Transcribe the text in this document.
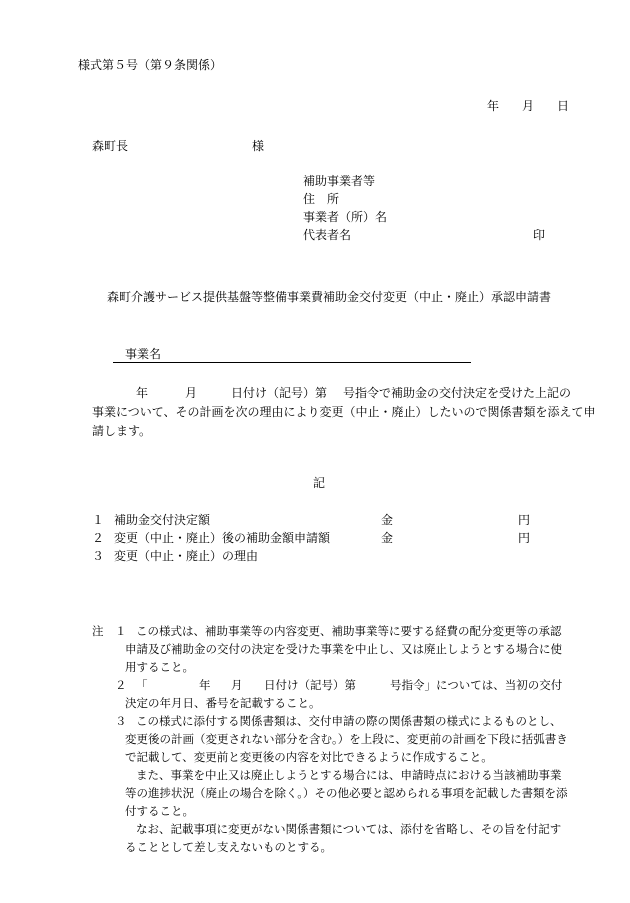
様式第５号（第９条関係）
年 月 日
森町長	様
補助事業者等
住　所
事業者（所）名
代表者名	印
森町介護サービス提供基盤等整備事業費補助金交付変更（中止・廃止）承認申請書
事業名
年	月	日付け（記号）第 号指令で補助金の交付決定を受けた上記の
事業について、その計画を次の理由により変更（中止・廃止）したいので関係書類を添えて申
請します。
記
１ 補助金交付決定額	金	円
２ 変更（中止・廃止）後の補助金額申請額	金	円
３ 変更（中止・廃止）の理由
注 １ この様式は、補助事業等の内容変更、補助事業等に要する経費の配分変更等の承認
申請及び補助金の交付の決定を受けた事業を中止し、又は廃止しようとする場合に使
用すること。
２ 「	年 月 日付け（記号）第	号指令」については、当初の交付
決定の年月日、番号を記載すること。
３ この様式に添付する関係書類は、交付申請の際の関係書類の様式によるものとし、
変更後の計画（変更されない部分を含む。）を上段に、変更前の計画を下段に括弧書き
で記載して、変更前と変更後の内容を対比できるように作成すること。
また、事業を中止又は廃止しようとする場合には、申請時点における当該補助事業
等の進捗状況（廃止の場合を除く。）その他必要と認められる事項を記載した書類を添
付すること。
なお、記載事項に変更がない関係書類については、添付を省略し、その旨を付記す
ることとして差し支えないものとする。
